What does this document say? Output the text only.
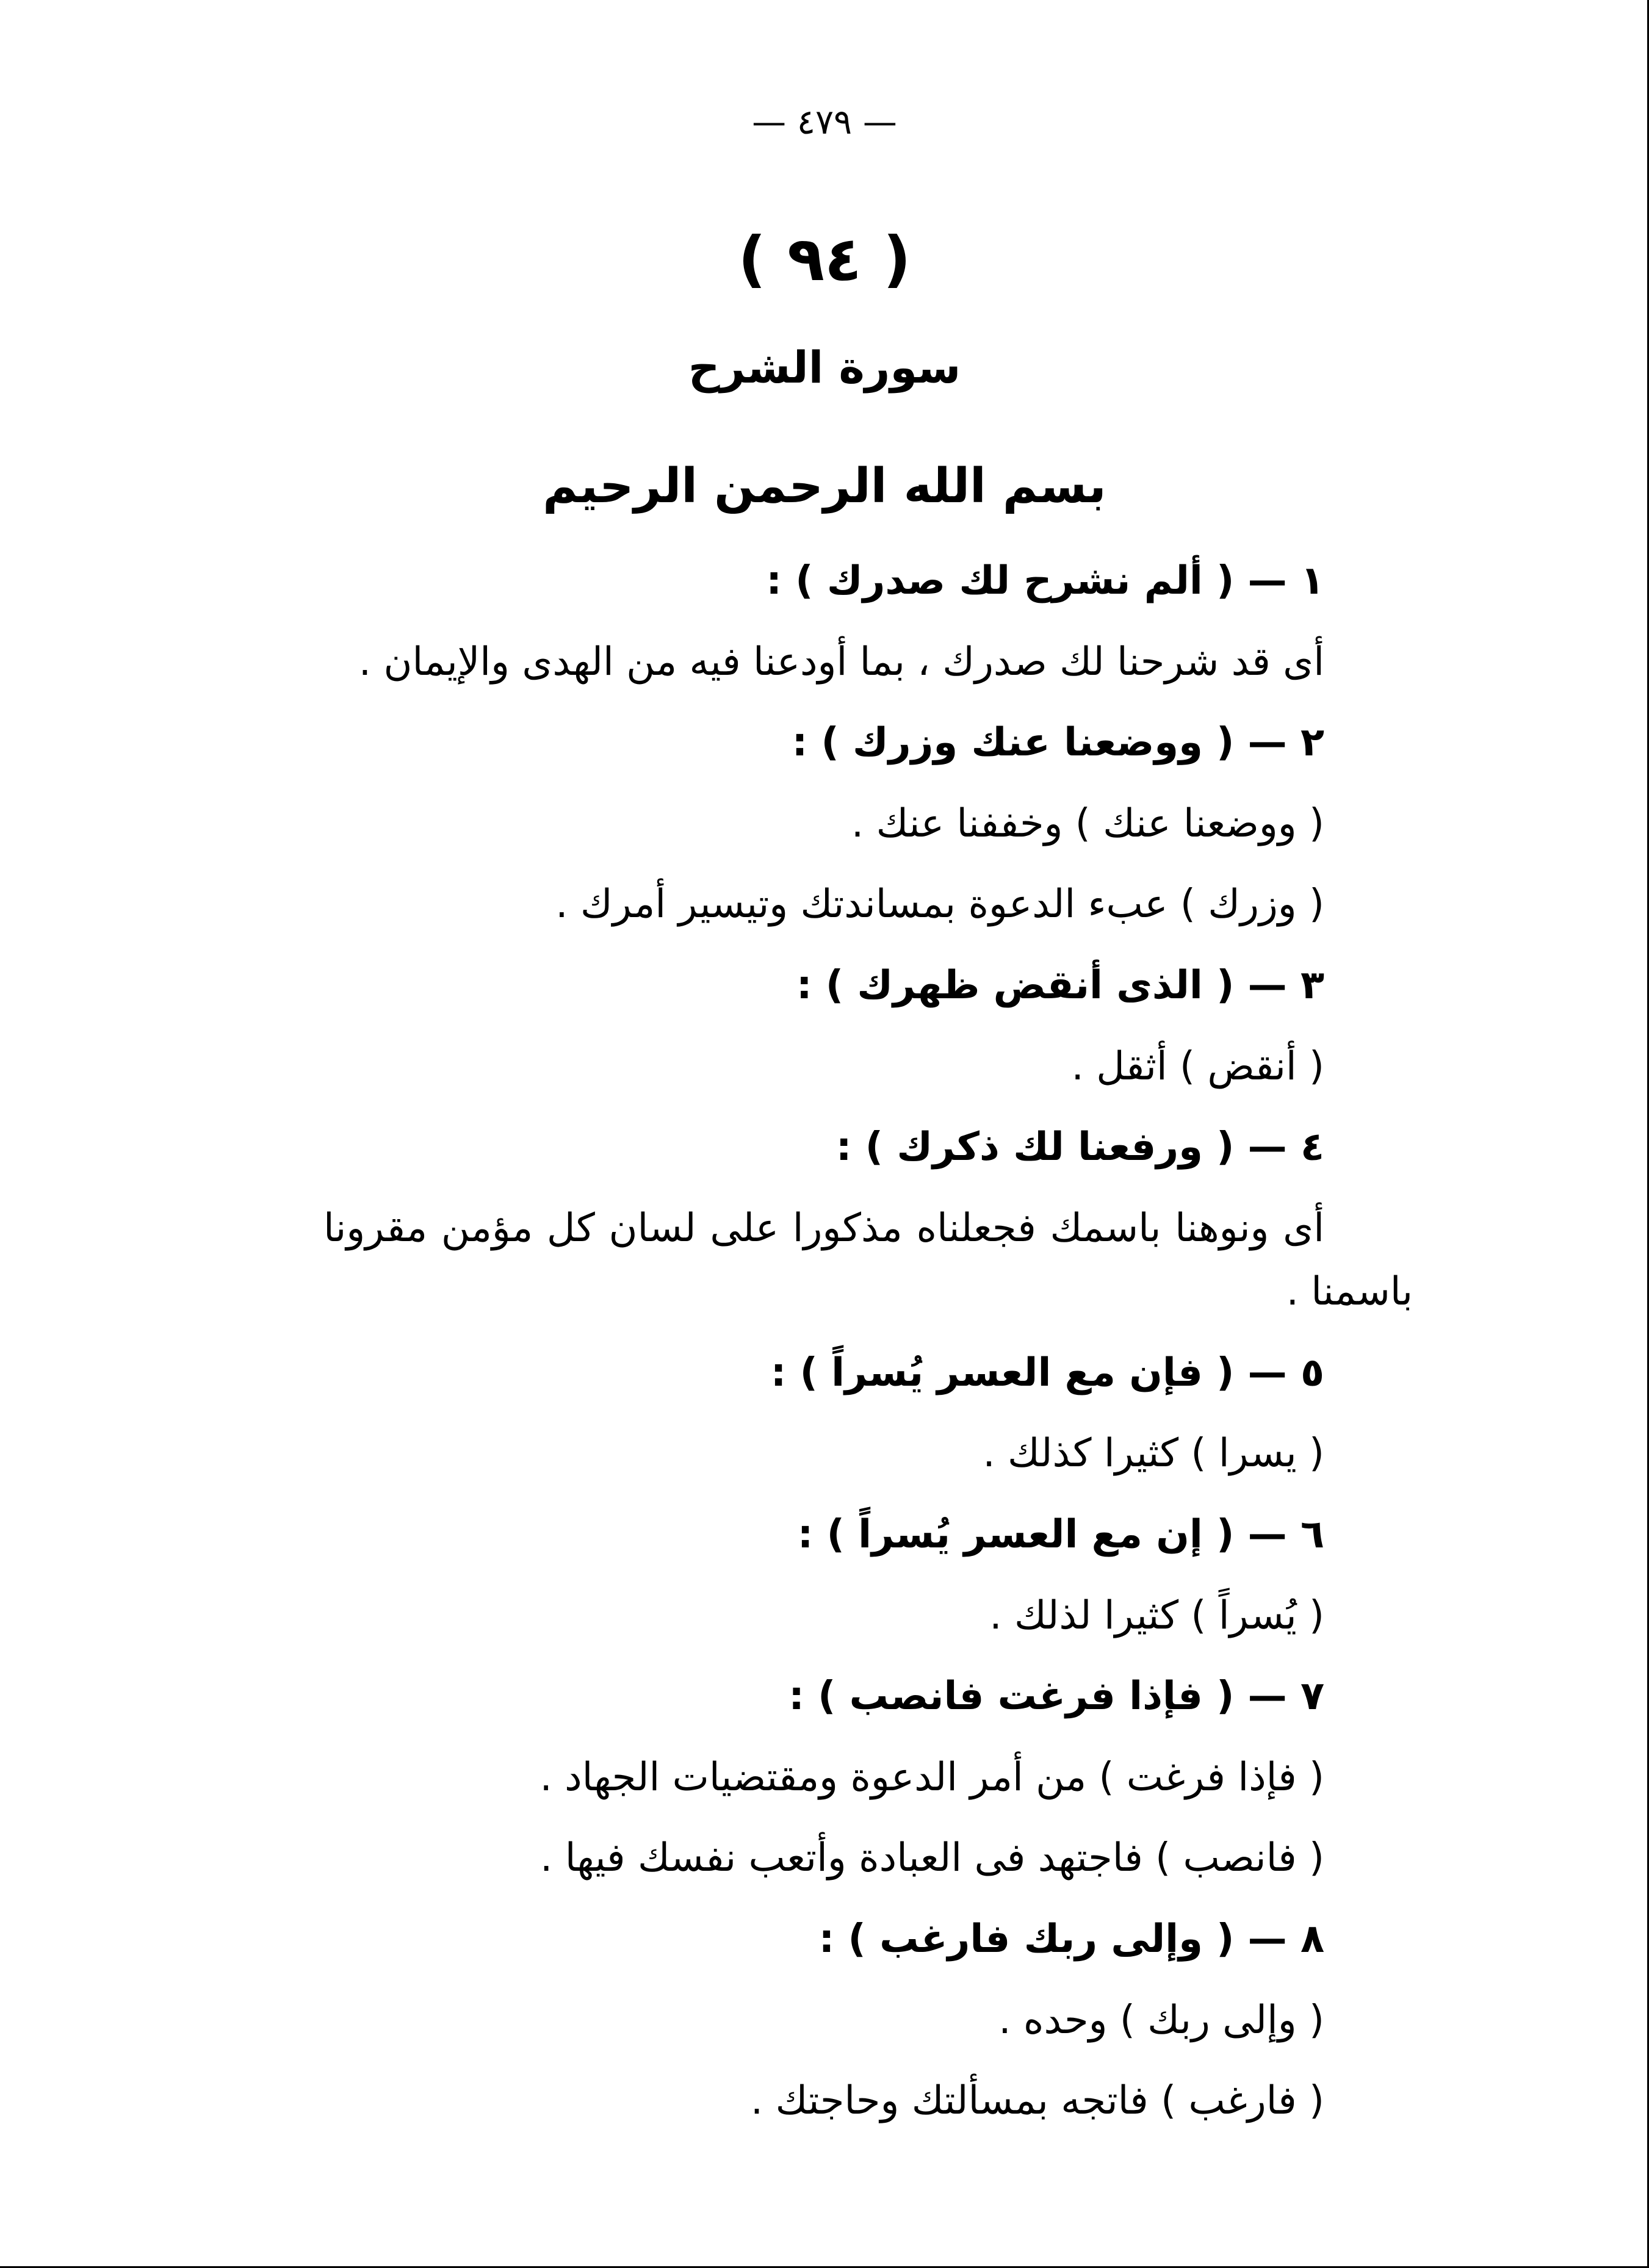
— ٤٧٩ —
( ٩٤ )
سورة الشرح
بسم الله الرحمن الرحيم
١ — ( ألم نشرح لك صدرك ) :
أى قد شرحنا لك صدرك ، بما أودعنا فيه من الهدى والإيمان .
٢ — ( ووضعنا عنك وزرك ) :
( ووضعنا عنك ) وخففنا عنك .
( وزرك ) عبء الدعوة بمساندتك وتيسير أمرك .
٣ — ( الذى أنقض ظهرك ) :
( أنقض ) أثقل .
٤ — ( ورفعنا لك ذكرك ) :
أى ونوهنا باسمك فجعلناه مذكورا على لسان كل مؤمن مقرونا
باسمنا .
٥ — ( فإن مع العسر يُسراً ) :
( يسرا ) كثيرا كذلك .
٦ — ( إن مع العسر يُسراً ) :
( يُسراً ) كثيرا لذلك .
٧ — ( فإذا فرغت فانصب ) :
( فإذا فرغت ) من أمر الدعوة ومقتضيات الجهاد .
( فانصب ) فاجتهد فى العبادة وأتعب نفسك فيها .
٨ — ( وإلى ربك فارغب ) :
( وإلى ربك ) وحده .
( فارغب ) فاتجه بمسألتك وحاجتك .
